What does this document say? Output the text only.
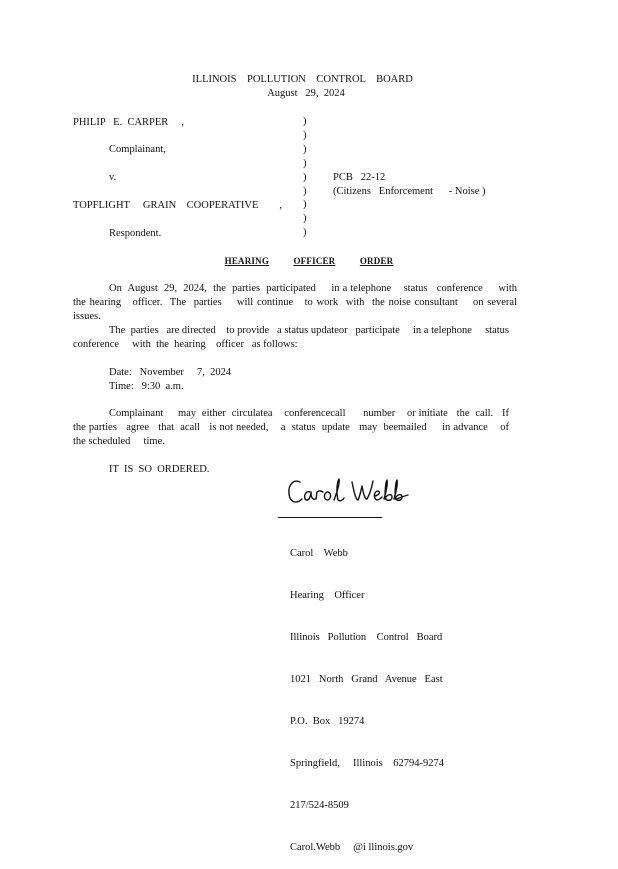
ILLINOIS    POLLUTION    CONTROL    BOARD
August   29,  2024
PHILIP   E.  CARPER     ,
Complainant,
v.
TOPFLIGHT     GRAIN    COOPERATIVE        ,
Respondent.
)
)
)
)
)
)
)
)
)
PCB   22-12
(Citizens   Enforcement      - Noise )
HEARING	OFFICER	ORDER
On  August  29,  2024,  the  parties  participated     in a telephone    status   conference     with  the hearing   officer.  The  parties    will continue   to work  with  the noise consultant    on several   issues.
The  parties   are directed    to provide   a status updateor   participate     in a telephone     status conference     with  the  hearing    officer   as follows:
Date:   November     7,  2024
Time:   9:30  a.m.
Complainant     may  either  circulatea    conferencecall      number    or initiate   the  call.   If  the parties   agree   that  acall   is not needed,    a  status  update   may  beemailed     in advance    of  the scheduled     time.
IT  IS  SO  ORDERED.

Carol    Webb

Hearing    Officer

Illinois   Pollution    Control   Board

1021   North   Grand   Avenue   East

P.O.  Box   19274

Springfield,     Illinois    62794-9274

217/524-8509

Carol.Webb     @i llinois.gov
